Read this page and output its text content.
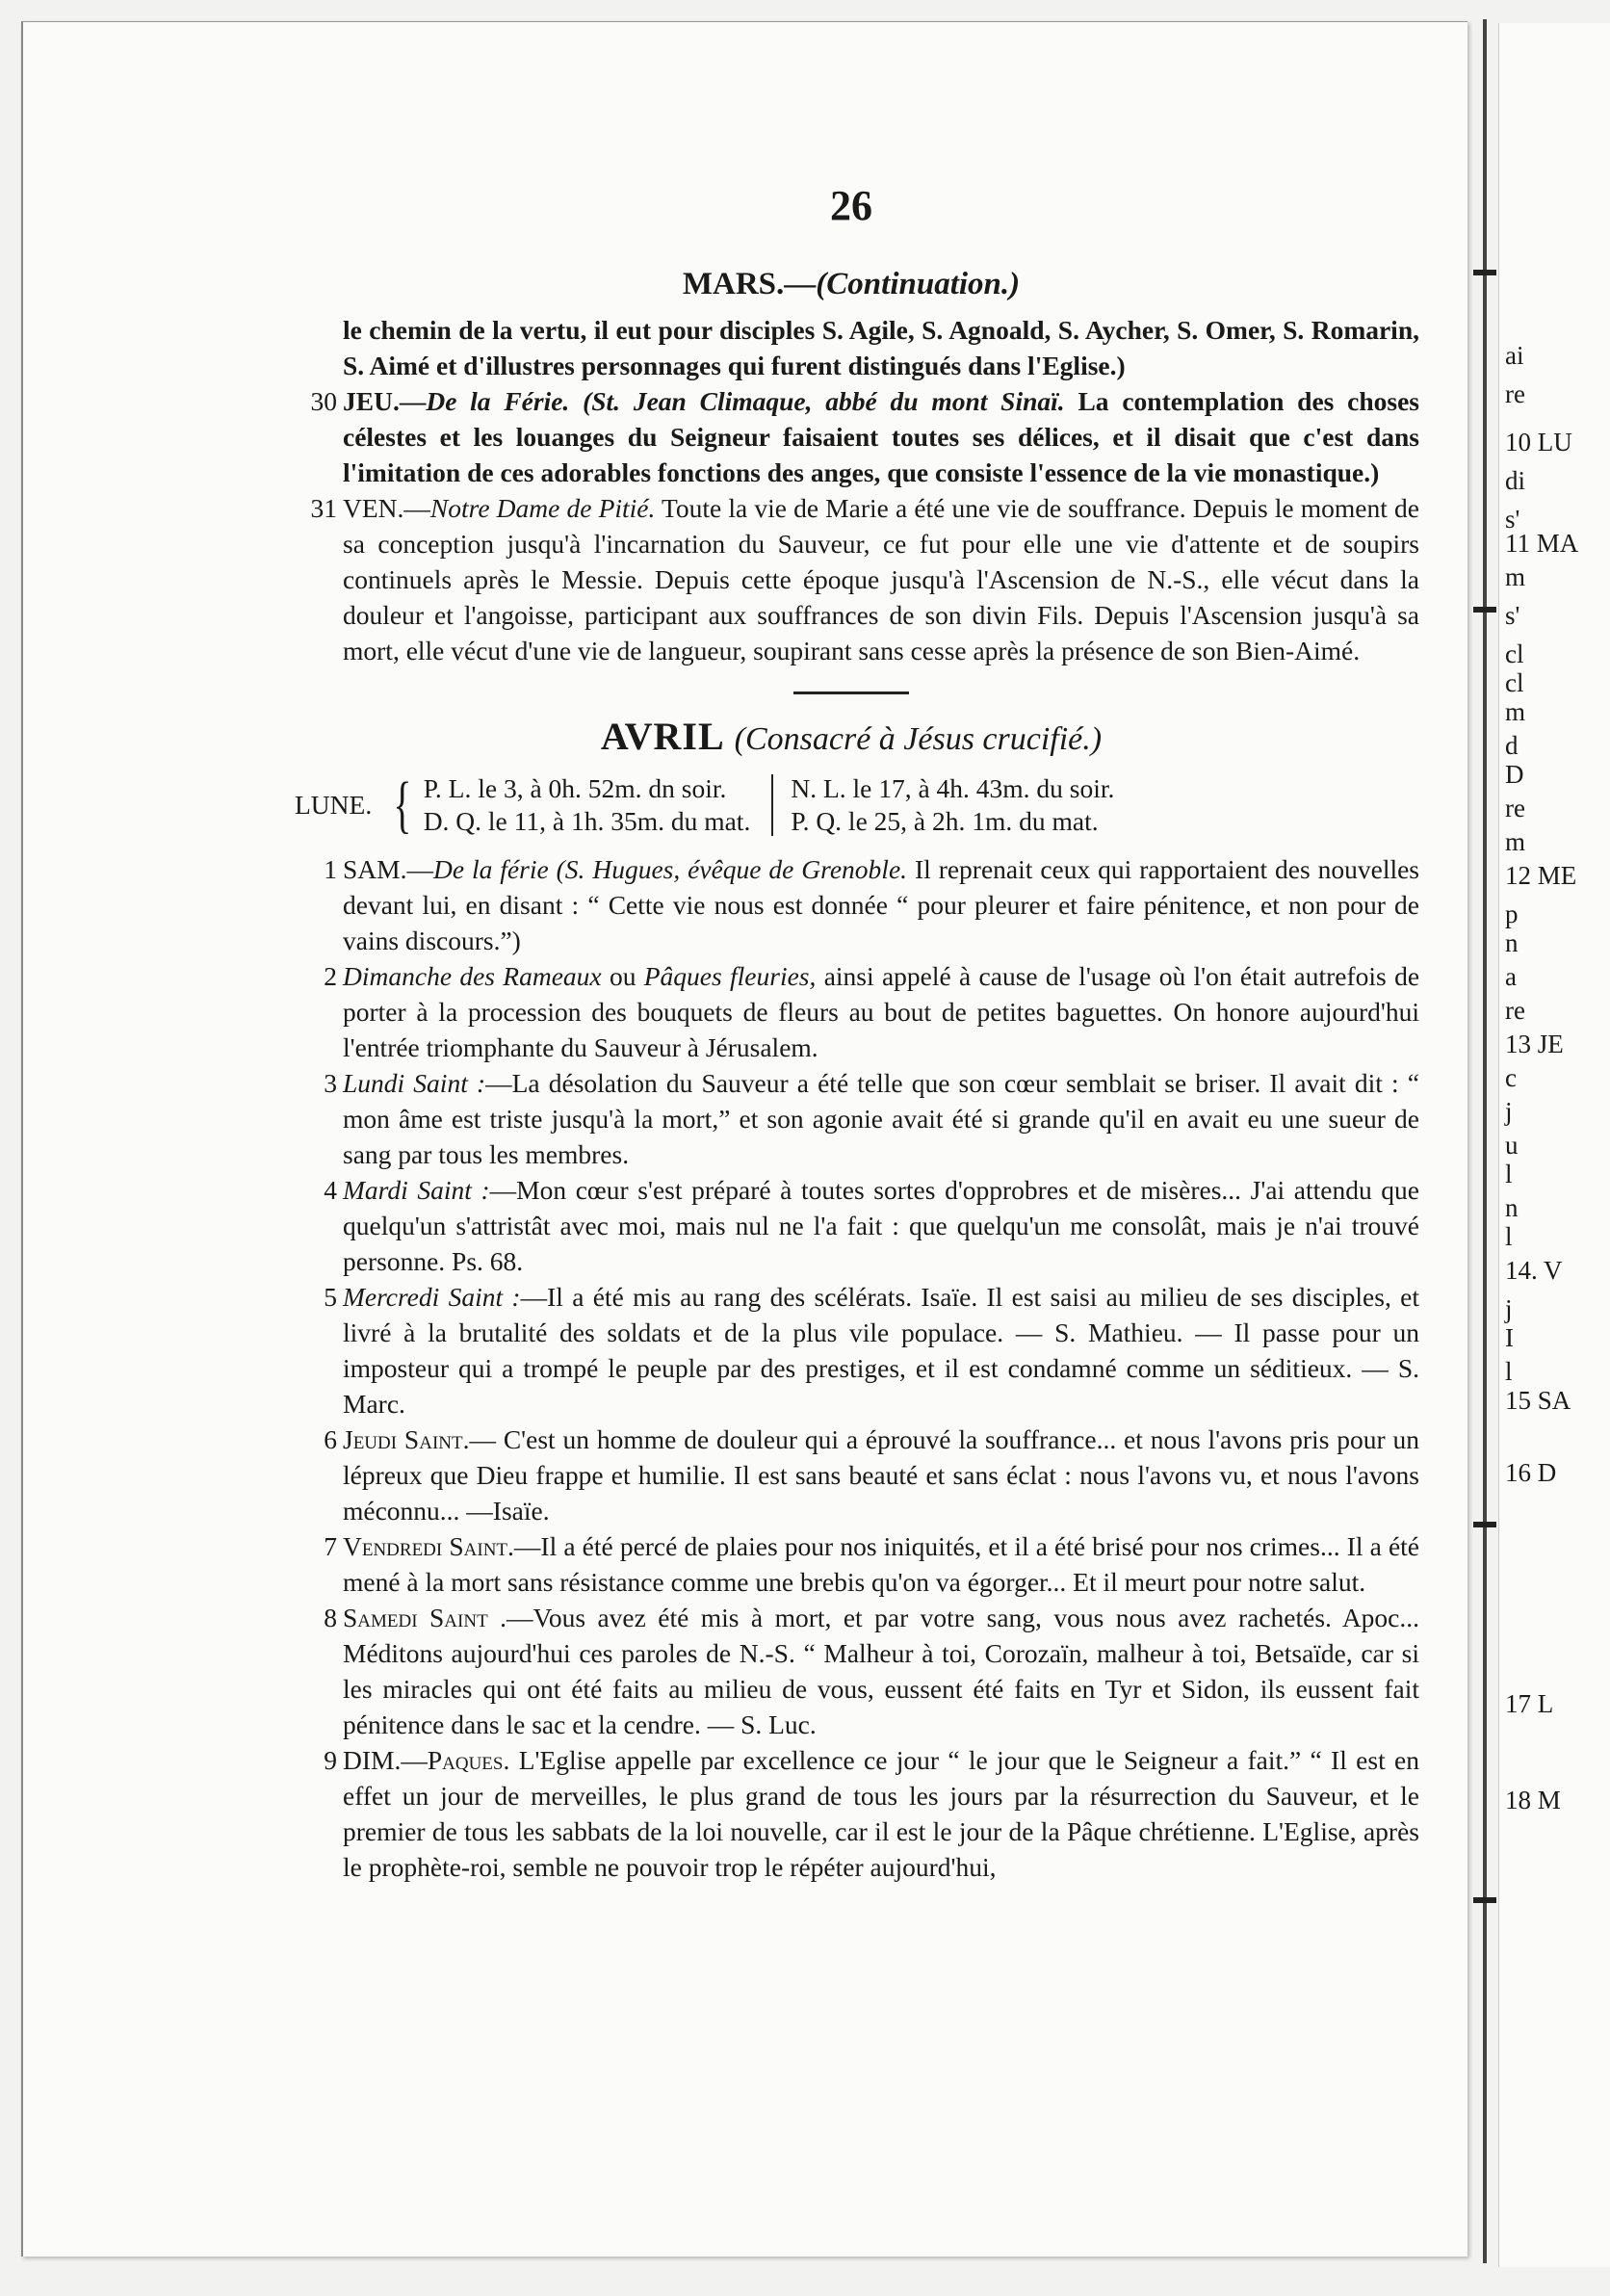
26
MARS.—(Continuation.)

le chemin de la vertu, il eut pour disciples S. Agile, S. Agnoald, S. Aycher, S. Omer, S. Romarin, S. Aimé et d'illustres personnages qui furent distingués dans l'Eglise.)

30 JEU.—De la Férie. (St. Jean Climaque, abbé du mont Sinaï. La contemplation des choses célestes et les louanges du Seigneur faisaient toutes ses délices, et il disait que c'est dans l'imitation de ces adorables fonctions des anges, que consiste l'essence de la vie monastique.)
31 VEN.—Notre Dame de Pitié. Toute la vie de Marie a été une vie de souffrance. Depuis le moment de sa conception jusqu'à l'incarnation du Sauveur, ce fut pour elle une vie d'attente et de soupirs continuels après le Messie. Depuis cette époque jusqu'à l'Ascension de N.-S., elle vécut dans la douleur et l'angoisse, participant aux souffrances de son divin Fils. Depuis l'Ascension jusqu'à sa mort, elle vécut d'une vie de langueur, soupirant sans cesse après la présence de son Bien-Aimé.
AVRIL (Consacré à Jésus crucifié.)
LUNE. { P. L. le 3, à 0h. 52m. dn soir.
D. Q. le 11, à 1h. 35m. du mat.
N. L. le 17, à 4h. 43m. du soir.
P. Q. le 25, à 2h. 1m. du mat.
1 SAM.—De la férie (S. Hugues, évêque de Grenoble. Il reprenait ceux qui rapportaient des nouvelles devant lui, en disant : “ Cette vie nous est donnée “ pour pleurer et faire pénitence, et non pour de vains discours.”)
2 Dimanche des Rameaux ou Pâques fleuries, ainsi appelé à cause de l'usage où l'on était autrefois de porter à la procession des bouquets de fleurs au bout de petites baguettes. On honore aujourd'hui l'entrée triomphante du Sauveur à Jérusalem.
3 Lundi Saint :—La désolation du Sauveur a été telle que son cœur semblait se briser. Il avait dit : “ mon âme est triste jusqu'à la mort,” et son agonie avait été si grande qu'il en avait eu une sueur de sang par tous les membres.
4 Mardi Saint :—Mon cœur s'est préparé à toutes sortes d'opprobres et de misères... J'ai attendu que quelqu'un s'attristât avec moi, mais nul ne l'a fait : que quelqu'un me consolât, mais je n'ai trouvé personne. Ps. 68.
5 Mercredi Saint :—Il a été mis au rang des scélérats. Isaïe. Il est saisi au milieu de ses disciples, et livré à la brutalité des soldats et de la plus vile populace. — S. Mathieu. — Il passe pour un imposteur qui a trompé le peuple par des prestiges, et il est condamné comme un séditieux. — S. Marc.
6 Jeudi Saint.— C'est un homme de douleur qui a éprouvé la souffrance... et nous l'avons pris pour un lépreux que Dieu frappe et humilie. Il est sans beauté et sans éclat : nous l'avons vu, et nous l'avons méconnu... —Isaïe.
7 Vendredi Saint.—Il a été percé de plaies pour nos iniquités, et il a été brisé pour nos crimes... Il a été mené à la mort sans résistance comme une brebis qu'on va égorger... Et il meurt pour notre salut.
8 Samedi Saint .—Vous avez été mis à mort, et par votre sang, vous nous avez rachetés. Apoc... Méditons aujourd'hui ces paroles de N.-S. “ Malheur à toi, Corozaïn, malheur à toi, Betsaïde, car si les miracles qui ont été faits au milieu de vous, eussent été faits en Tyr et Sidon, ils eussent fait pénitence dans le sac et la cendre. — S. Luc.
9 DIM.—Paques. L'Eglise appelle par excellence ce jour “ le jour que le Seigneur a fait.” “ Il est en effet un jour de merveilles, le plus grand de tous les jours par la résurrection du Sauveur, et le premier de tous les sabbats de la loi nouvelle, car il est le jour de la Pâque chrétienne. L'Eglise, après le prophète-roi, semble ne pouvoir trop le répéter aujourd'hui,
ai
re
10 LU
di
s'
11 MA
m
s'
cl
cl
m
d
D
re
m
12 ME
p
n
a
re
13 JE
c
j
u
l
n
l
14. V
j
I
l
15 SA
16 D
17 L
18 M
